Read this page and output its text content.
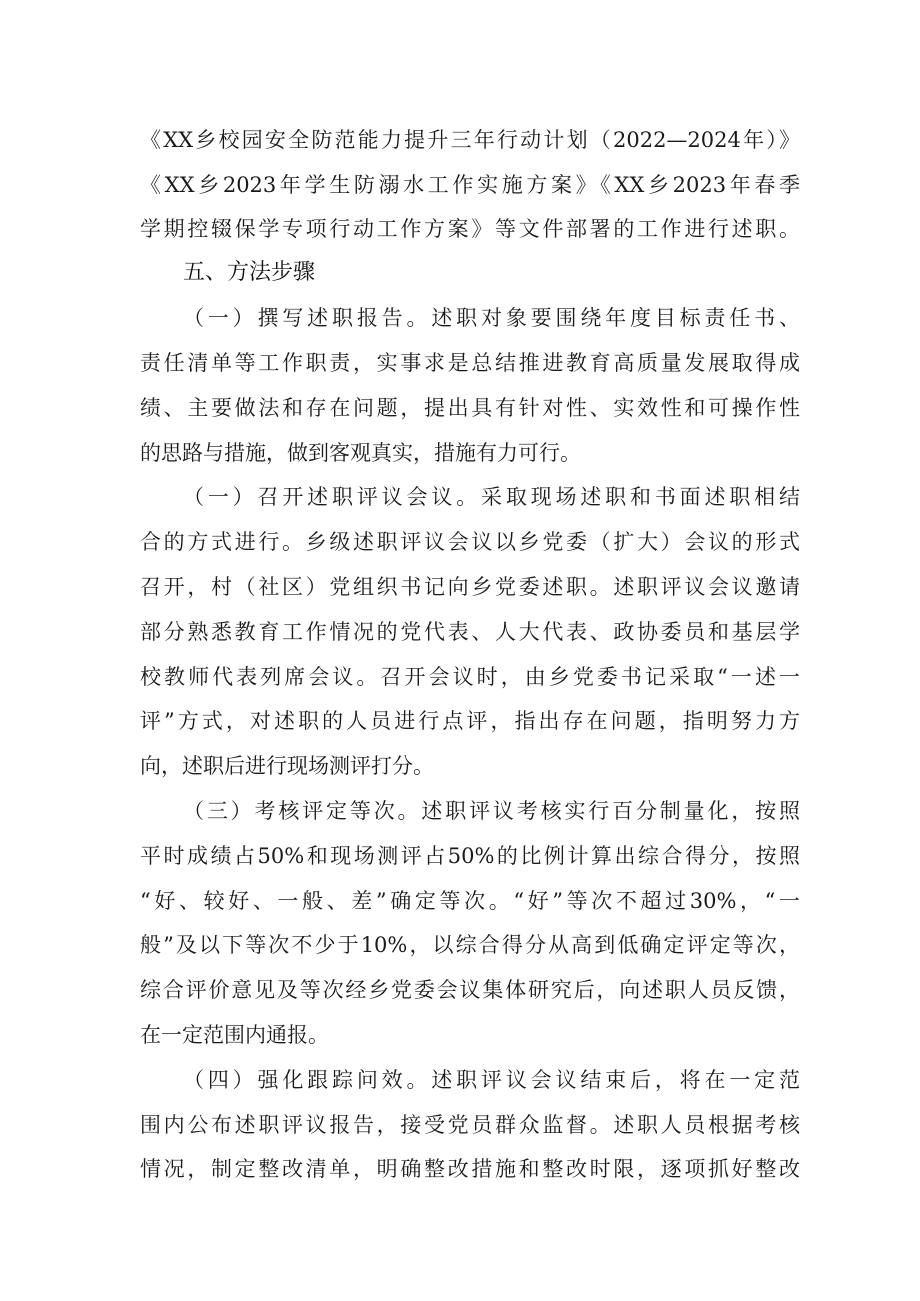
《XX乡校园安全防范能力提升三年行动计划（2022—2024年）》
《XX乡2023年学生防溺水工作实施方案》《XX乡2023年春季
学期控辍保学专项行动工作方案》等文件部署的工作进行述职。
五、方法步骤
（一）撰写述职报告。述职对象要围绕年度目标责任书、
责任清单等工作职责，实事求是总结推进教育高质量发展取得成
绩、主要做法和存在问题，提出具有针对性、实效性和可操作性
的思路与措施，做到客观真实，措施有力可行。
（一）召开述职评议会议。采取现场述职和书面述职相结
合的方式进行。乡级述职评议会议以乡党委（扩大）会议的形式
召开，村（社区）党组织书记向乡党委述职。述职评议会议邀请
部分熟悉教育工作情况的党代表、人大代表、政协委员和基层学
校教师代表列席会议。召开会议时，由乡党委书记采取“一述一
评”方式，对述职的人员进行点评，指出存在问题，指明努力方
向，述职后进行现场测评打分。
（三）考核评定等次。述职评议考核实行百分制量化，按照
平时成绩占50%和现场测评占50%的比例计算出综合得分，按照
“好、较好、一般、差”确定等次。“好”等次不超过30%，“一
般”及以下等次不少于10%，以综合得分从高到低确定评定等次，
综合评价意见及等次经乡党委会议集体研究后，向述职人员反馈，
在一定范围内通报。
（四）强化跟踪问效。述职评议会议结束后，将在一定范
围内公布述职评议报告，接受党员群众监督。述职人员根据考核
情况，制定整改清单，明确整改措施和整改时限，逐项抓好整改
